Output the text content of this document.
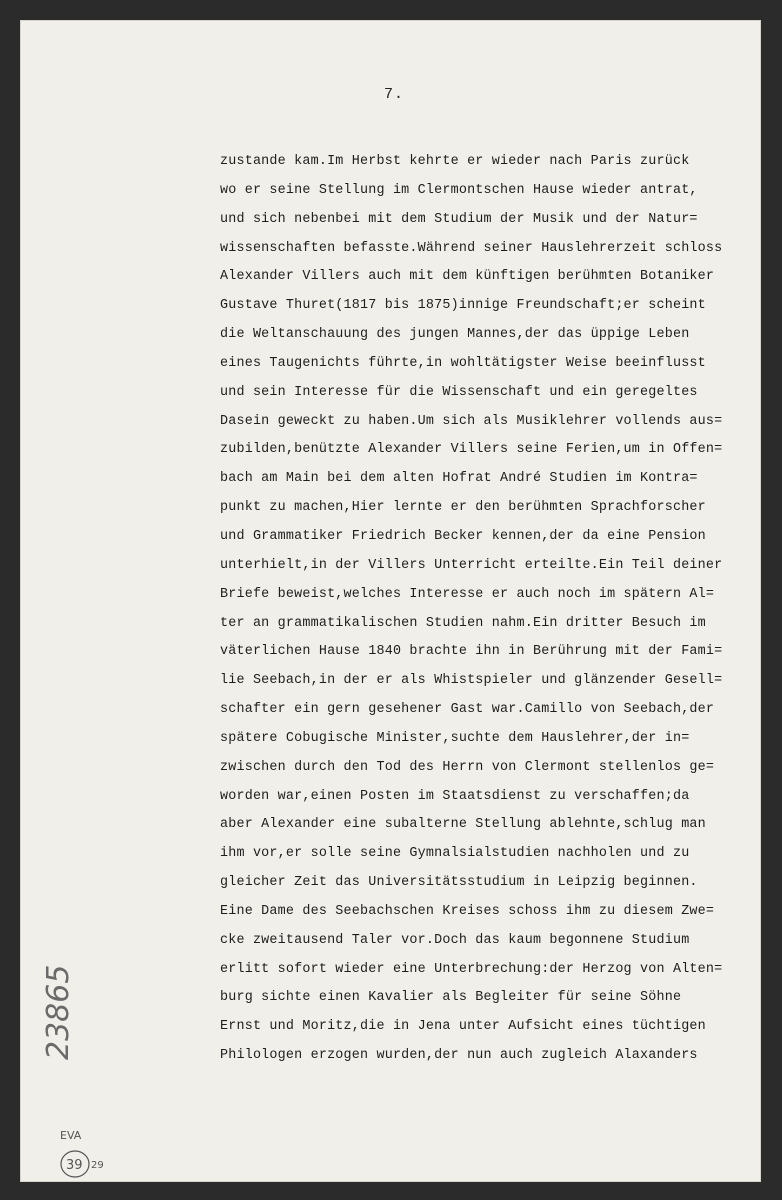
7.
zustande kam.Im Herbst kehrte er wieder nach Paris zurück
wo er seine Stellung im Clermontschen Hause wieder antrat,
und sich nebenbei mit dem Studium der Musik und der Natur=
wissenschaften befasste.Während seiner Hauslehrerzeit schloss
Alexander Villers auch mit dem künftigen berühmten Botaniker
Gustave Thuret(1817 bis 1875)innige Freundschaft;er scheint
die Weltanschauung des jungen Mannes,der das üppige Leben
eines Taugenichts führte,in wohltätigster Weise beeinflusst
und sein Interesse für die Wissenschaft und ein geregeltes
Dasein geweckt zu haben.Um sich als Musiklehrer vollends aus=
zubilden,benützte Alexander Villers seine Ferien,um in Offen=
bach am Main bei dem alten Hofrat André Studien im Kontra=
punkt zu machen,Hier lernte er den berühmten Sprachforscher
und Grammatiker Friedrich Becker kennen,der da eine Pension
unterhielt,in der Villers Unterricht erteilte.Ein Teil deiner
Briefe beweist,welches Interesse er auch noch im spätern Al=
ter an grammatikalischen Studien nahm.Ein dritter Besuch im
väterlichen Hause 1840 brachte ihn in Berührung mit der Fami=
lie Seebach,in der er als Whistspieler und glänzender Gesell=
schafter ein gern gesehener Gast war.Camillo von Seebach,der
spätere Cobugische Minister,suchte dem Hauslehrer,der in=
zwischen durch den Tod des Herrn von Clermont stellenlos ge=
worden war,einen Posten im Staatsdienst zu verschaffen;da
aber Alexander eine subalterne Stellung ablehnte,schlug man
ihm vor,er solle seine Gymnalsialstudien nachholen und zu
gleicher Zeit das Universitätsstudium in Leipzig beginnen.
Eine Dame des Seebachschen Kreises schoss ihm zu diesem Zwe=
cke zweitausend Taler vor.Doch das kaum begonnene Studium
erlitt sofort wieder eine Unterbrechung:der Herzog von Alten=
burg sichte einen Kavalier als Begleiter für seine Söhne
Ernst und Moritz,die in Jena unter Aufsicht eines tüchtigen
Philologen erzogen wurden,der nun auch zugleich Alaxanders
23865
EVA
39 29
